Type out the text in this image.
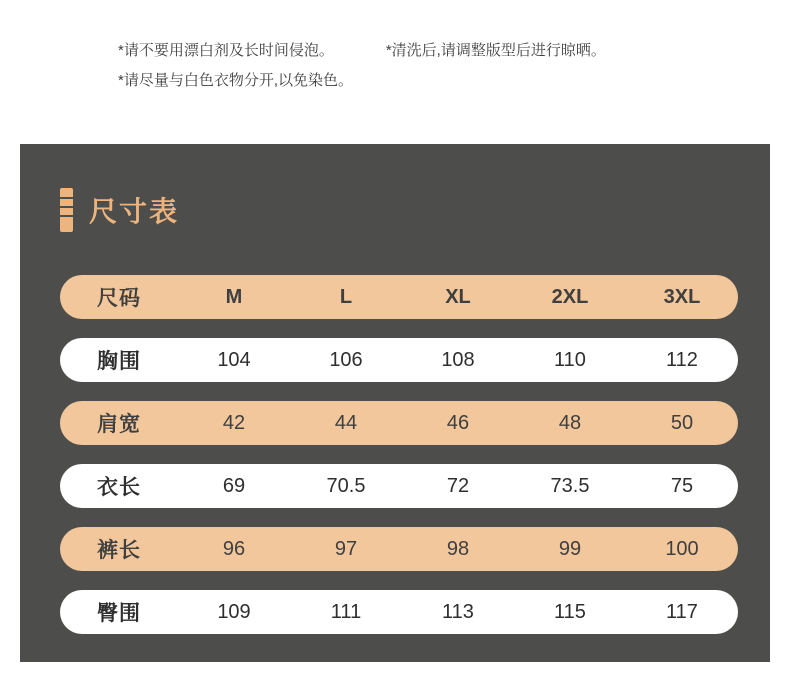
*请不要用漂白剂及长时间侵泡。	*清洗后,请调整版型后进行晾晒。
*请尽量与白色衣物分开,以免染色。
尺寸表
尺码	M	L	XL	2XL	3XL
胸围	104	106	108	110	112
肩宽	42	44	46	48	50
衣长	69	70.5	72	73.5	75
裤长	96	97	98	99	100
臀围	109	111	113	115	117
